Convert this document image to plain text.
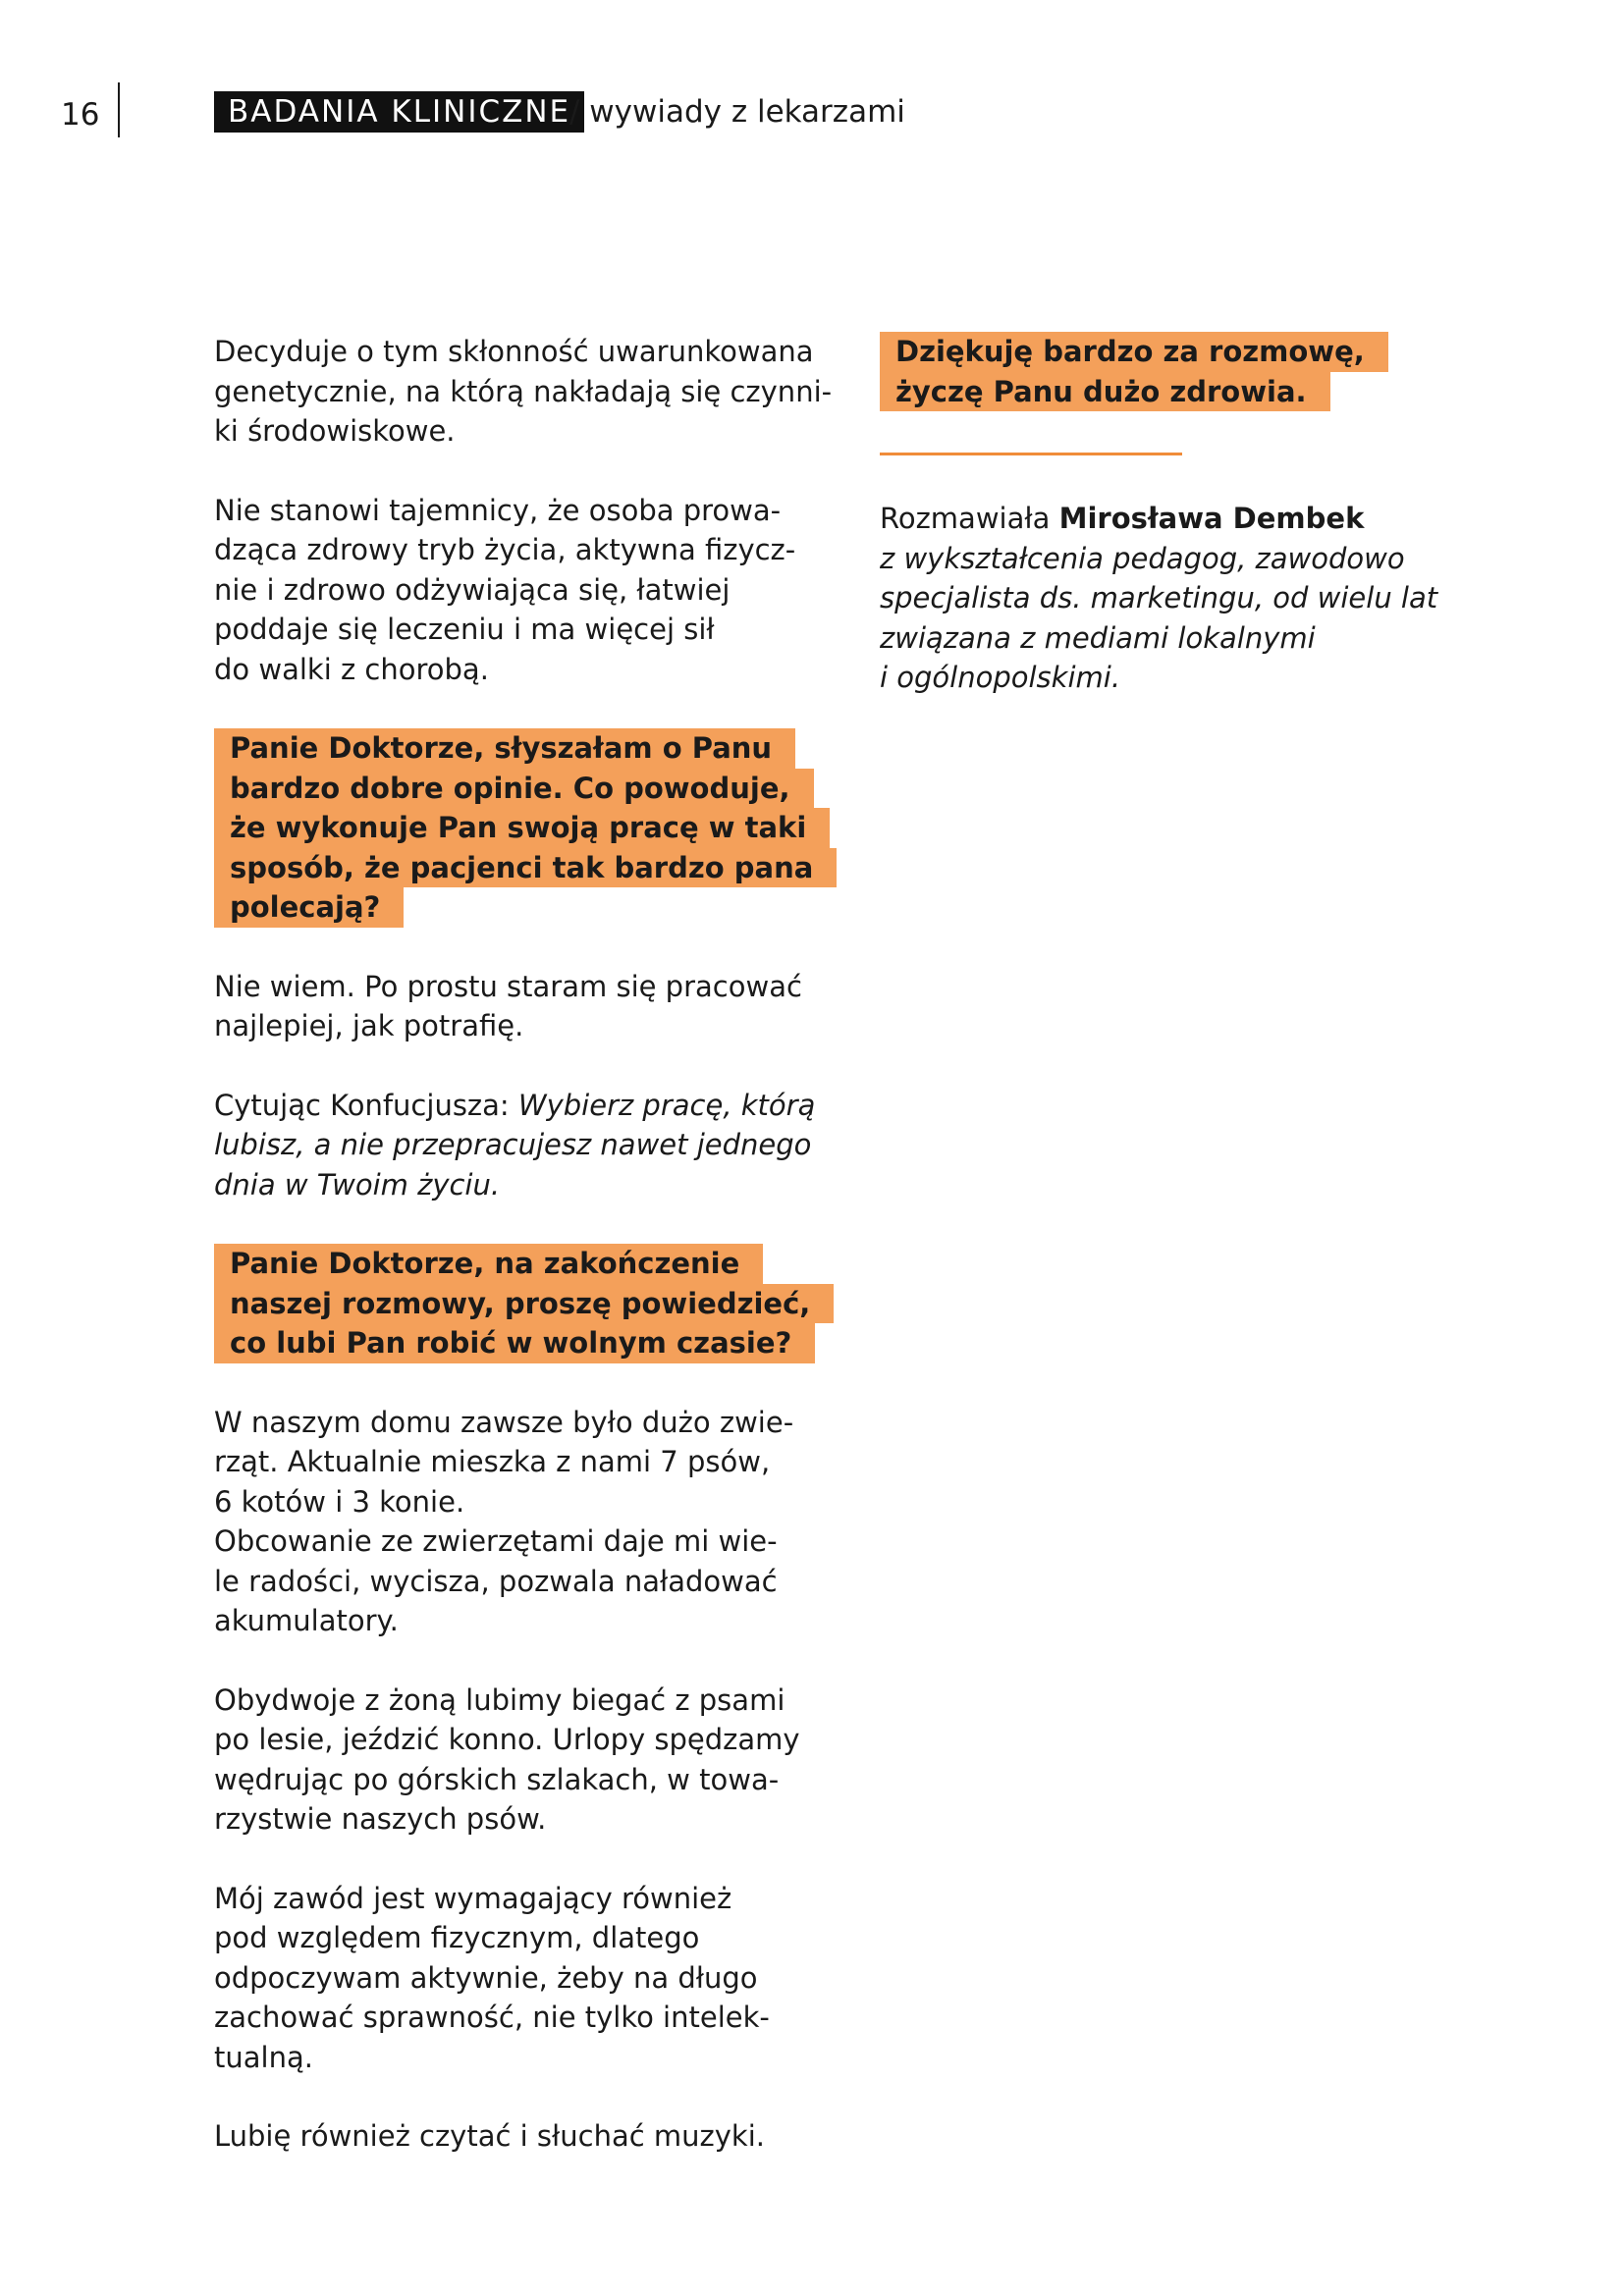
16	BADANIA KLINICZNE
/ wywiady z lekarzami
Decyduje o tym skłonność uwarunkowana
genetycznie, na którą nakładają się czynni-
ki środowiskowe.
Nie stanowi tajemnicy, że osoba prowa-
dząca zdrowy tryb życia, aktywna fizycz-
nie i zdrowo odżywiająca się, łatwiej
poddaje się leczeniu i ma więcej sił
do walki z chorobą.
Panie Doktorze, słyszałam o Panu
bardzo dobre opinie. Co powoduje,
że wykonuje Pan swoją pracę w taki
sposób, że pacjenci tak bardzo pana
polecają?
Nie wiem. Po prostu staram się pracować
najlepiej, jak potrafię.
Cytując Konfucjusza: Wybierz pracę, którą
lubisz, a nie przepracujesz nawet jednego
dnia w Twoim życiu.
Panie Doktorze, na zakończenie
naszej rozmowy, proszę powiedzieć,
co lubi Pan robić w wolnym czasie?
W naszym domu zawsze było dużo zwie-
rząt. Aktualnie mieszka z nami 7 psów,
6 kotów i 3 konie.
Obcowanie ze zwierzętami daje mi wie-
le radości, wycisza, pozwala naładować
akumulatory.
Obydwoje z żoną lubimy biegać z psami
po lesie, jeździć konno. Urlopy spędzamy
wędrując po górskich szlakach, w towa-
rzystwie naszych psów.
Mój zawód jest wymagający również
pod względem fizycznym, dlatego
odpoczywam aktywnie, żeby na długo
zachować sprawność, nie tylko intelek-
tualną.
Lubię również czytać i słuchać muzyki.
Dziękuję bardzo za rozmowę,
życzę Panu dużo zdrowia.
Rozmawiała Mirosława Dembek
z wykształcenia pedagog, zawodowo
specjalista ds. marketingu, od wielu lat
związana z mediami lokalnymi
i ogólnopolskimi.
